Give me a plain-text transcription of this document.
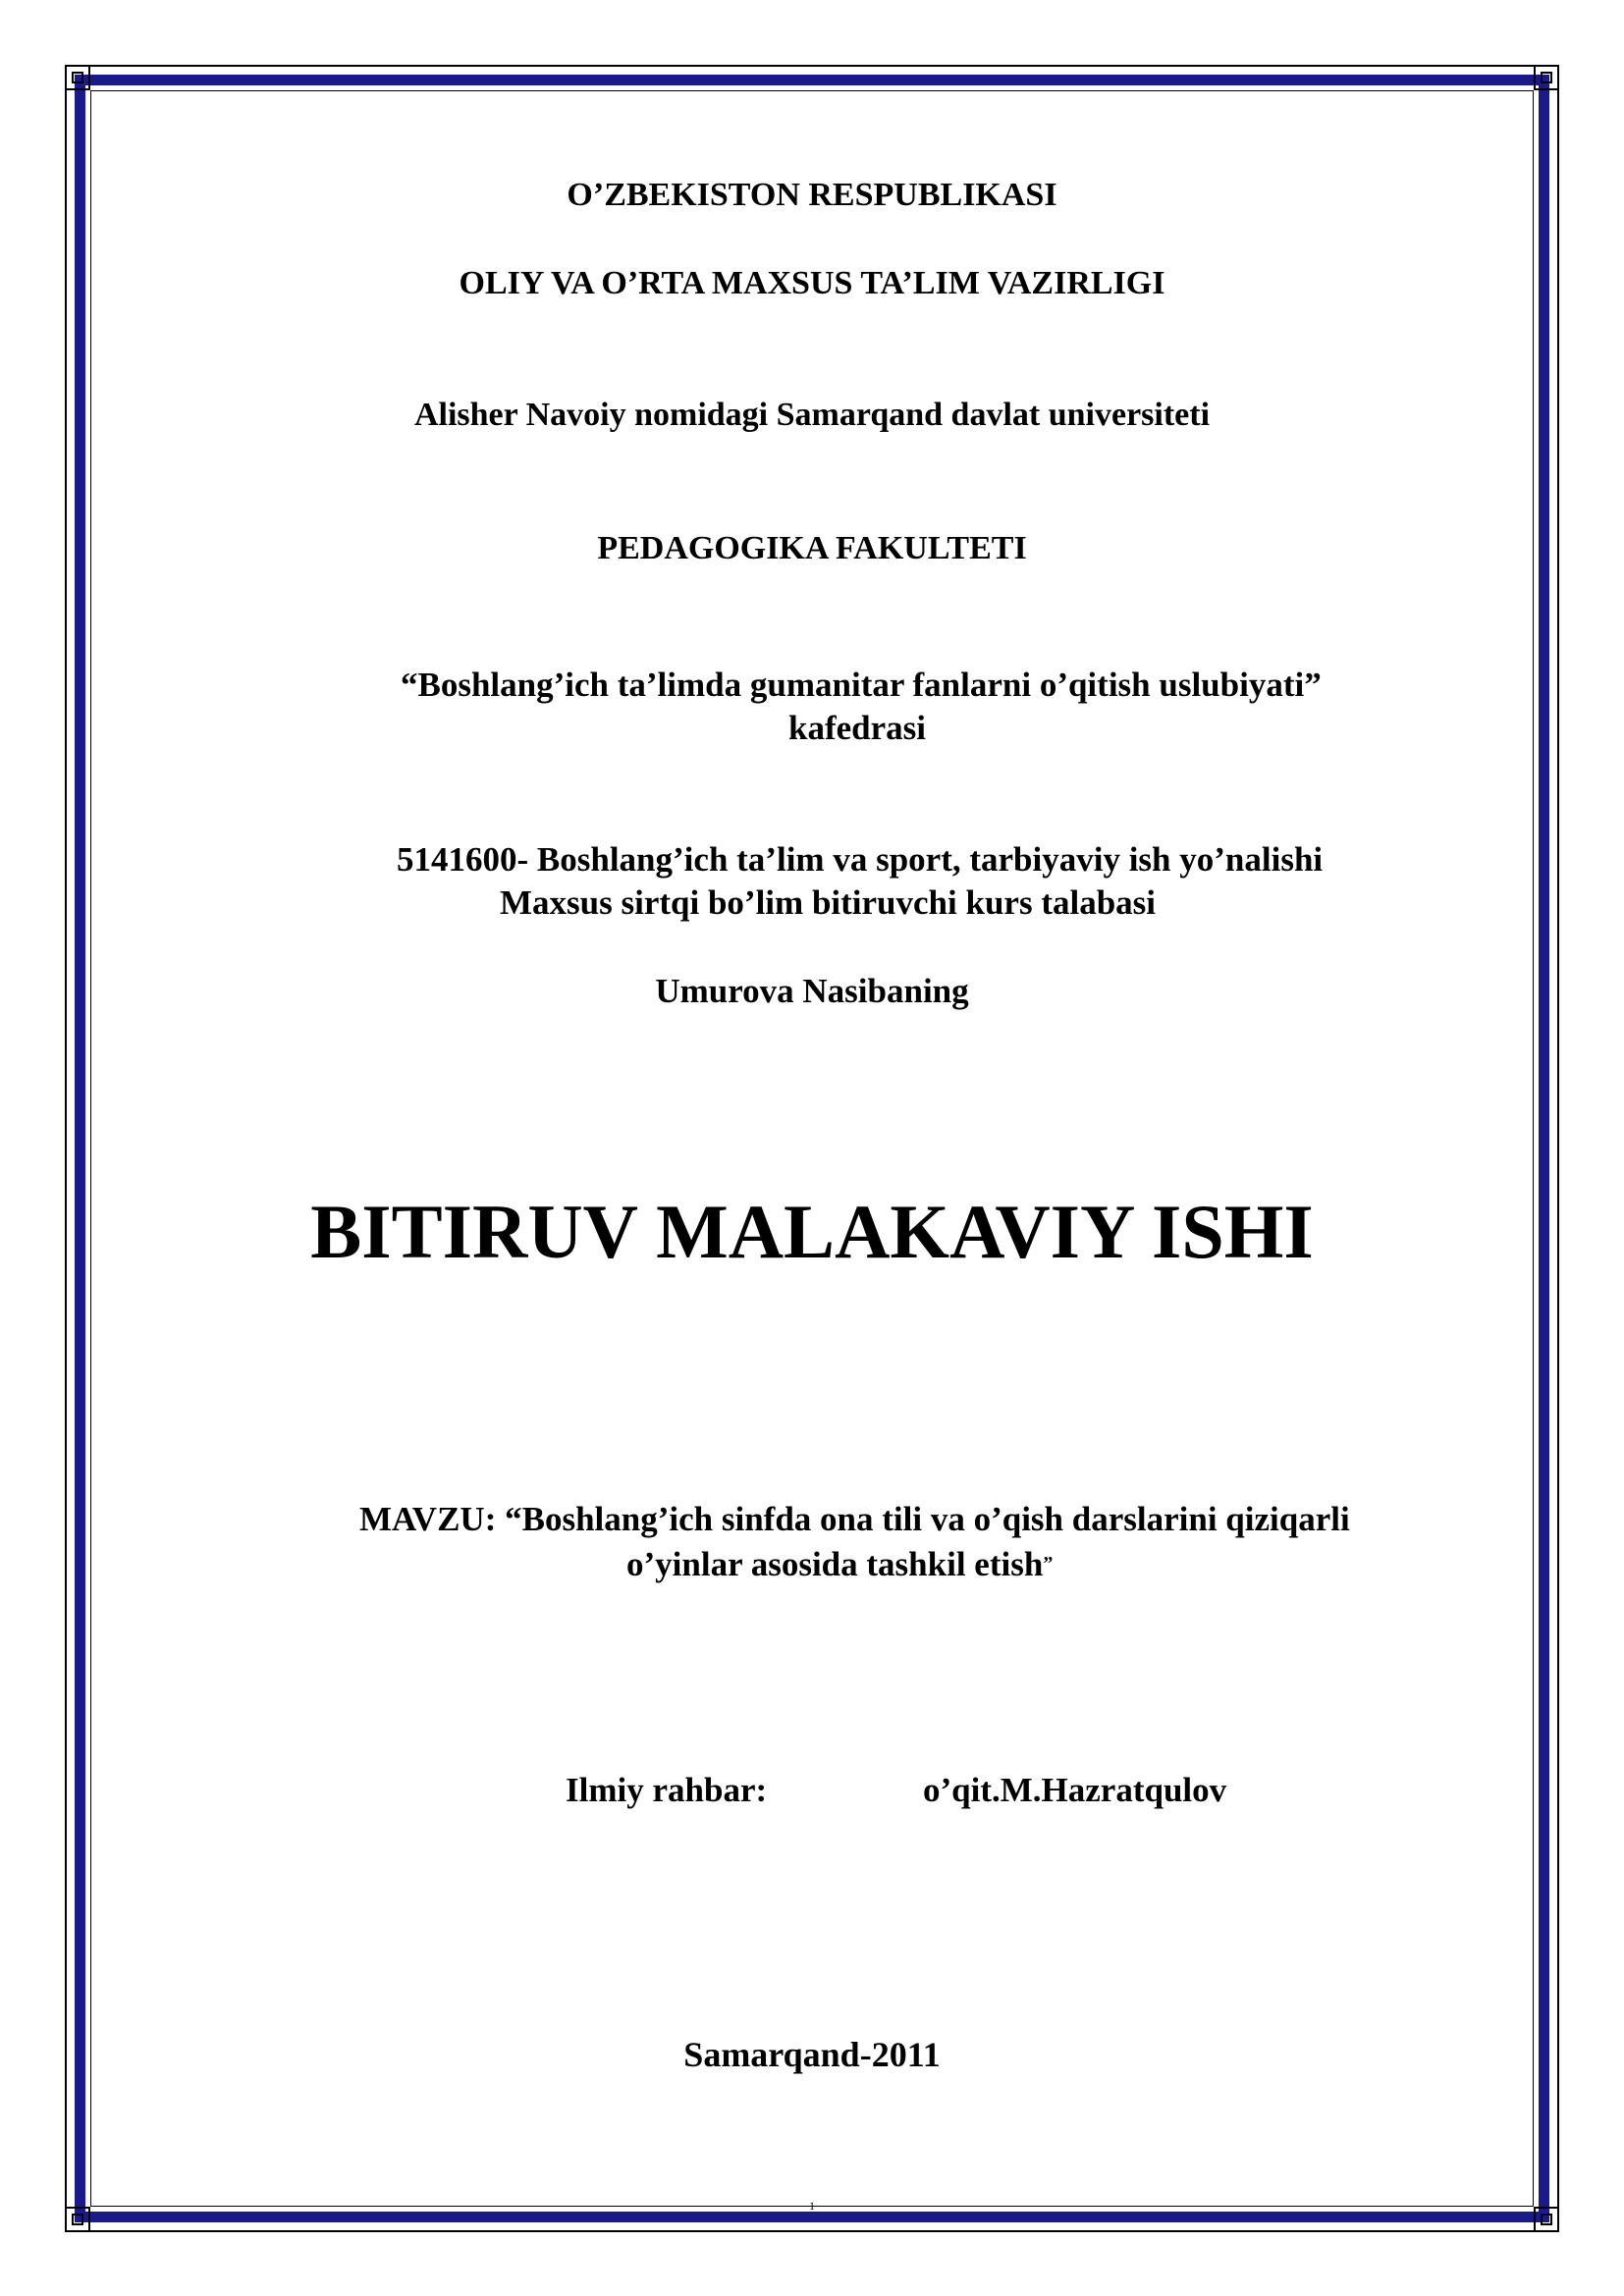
O’ZBEKISTON RESPUBLIKASI

OLIY VA O’RTA MAXSUS TA’LIM VAZIRLIGI

Alisher Navoiy nomidagi Samarqand davlat universiteti

PEDAGOGIKA FAKULTETI

“Boshlang’ich ta’limda gumanitar fanlarni o’qitish uslubiyati”

kafedrasi

5141600- Boshlang’ich ta’lim va sport, tarbiyaviy ish yo’nalishi

Maxsus sirtqi bo’lim bitiruvchi kurs talabasi

Umurova Nasibaning

BITIRUV MALAKAVIY ISHI

MAVZU: “Boshlang’ich sinfda ona tili va o’qish darslarini qiziqarli

o’yinlar asosida tashkil etish”

Ilmiy rahbar:	o’qit.M.Hazratqulov

Samarqand-2011

1
